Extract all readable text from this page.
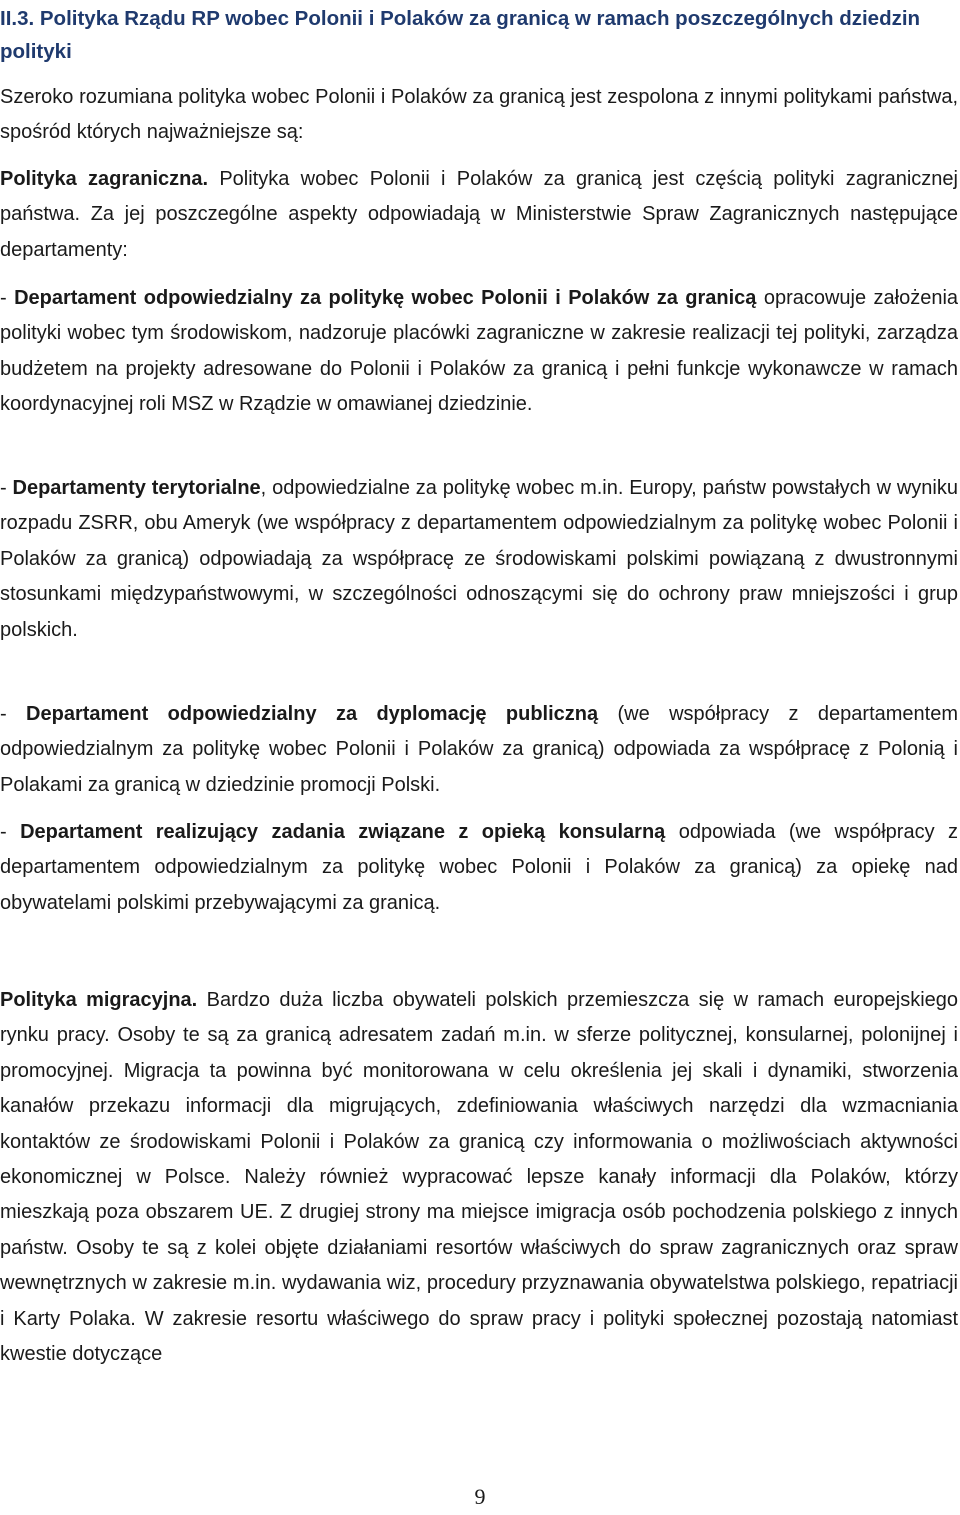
II.3. Polityka Rządu RP wobec Polonii i Polaków za granicą w ramach poszczególnych dziedzin polityki
Szeroko rozumiana polityka wobec Polonii i Polaków za granicą jest zespolona z innymi politykami państwa, spośród których najważniejsze są:
Polityka zagraniczna. Polityka wobec Polonii i Polaków za granicą jest częścią polityki zagranicznej państwa. Za jej poszczególne aspekty odpowiadają w Ministerstwie Spraw Zagranicznych następujące departamenty:
- Departament odpowiedzialny za politykę wobec Polonii i Polaków za granicą opracowuje założenia polityki wobec tym środowiskom, nadzoruje placówki zagraniczne w zakresie realizacji tej polityki, zarządza budżetem na projekty adresowane do Polonii i Polaków za granicą i pełni funkcje wykonawcze w ramach koordynacyjnej roli MSZ w Rządzie w omawianej dziedzinie.
- Departamenty terytorialne, odpowiedzialne za politykę wobec m.in. Europy, państw powstałych w wyniku rozpadu ZSRR, obu Ameryk (we współpracy z departamentem odpowiedzialnym za politykę wobec Polonii i Polaków za granicą) odpowiadają za współpracę ze środowiskami polskimi powiązaną z dwustronnymi stosunkami międzypaństwowymi, w szczególności odnoszącymi się do ochrony praw mniejszości i grup polskich.
- Departament odpowiedzialny za dyplomację publiczną (we współpracy z departamentem odpowiedzialnym za politykę wobec Polonii i Polaków za granicą) odpowiada za współpracę z Polonią i Polakami za granicą w dziedzinie promocji Polski.
- Departament realizujący zadania związane z opieką konsularną odpowiada (we współpracy z departamentem odpowiedzialnym za politykę wobec Polonii i Polaków za granicą) za opiekę nad obywatelami polskimi przebywającymi za granicą.
Polityka migracyjna. Bardzo duża liczba obywateli polskich przemieszcza się w ramach europejskiego rynku pracy. Osoby te są za granicą adresatem zadań m.in. w sferze politycznej, konsularnej, polonijnej i promocyjnej. Migracja ta powinna być monitorowana w celu określenia jej skali i dynamiki, stworzenia kanałów przekazu informacji dla migrujących, zdefiniowania właściwych narzędzi dla wzmacniania kontaktów ze środowiskami Polonii i Polaków za granicą czy informowania o możliwościach aktywności ekonomicznej w Polsce. Należy również wypracować lepsze kanały informacji dla Polaków, którzy mieszkają poza obszarem UE. Z drugiej strony ma miejsce imigracja osób pochodzenia polskiego z innych państw. Osoby te są z kolei objęte działaniami resortów właściwych do spraw zagranicznych oraz spraw wewnętrznych w zakresie m.in. wydawania wiz, procedury przyznawania obywatelstwa polskiego, repatriacji i Karty Polaka. W zakresie resortu właściwego do spraw pracy i polityki społecznej pozostają natomiast kwestie dotyczące
9
